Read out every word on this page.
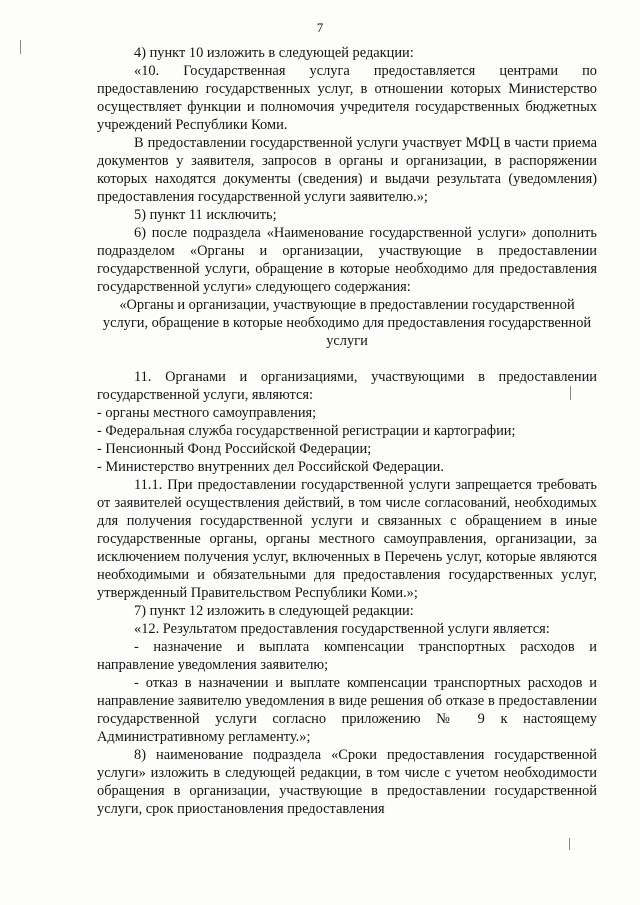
7

4) пункт 10 изложить в следующей редакции:

«10. Государственная услуга предоставляется центрами по предоставлению государственных услуг, в отношении которых Министерство осуществляет функции и полномочия учредителя государственных бюджетных учреждений Республики Коми.

В предоставлении государственной услуги участвует МФЦ в части приема документов у заявителя, запросов в органы и организации, в распоряжении которых находятся документы (сведения) и выдачи результата (уведомления) предоставления государственной услуги заявителю.»;

5) пункт 11 исключить;

6) после подраздела «Наименование государственной услуги» дополнить подразделом «Органы и организации, участвующие в предоставлении государственной услуги, обращение в которые необходимо для предоставления государственной услуги» следующего содержания:

«Органы и организации, участвующие в предоставлении государственной услуги, обращение в которые необходимо для предоставления государственной услуги

11. Органами и организациями, участвующими в предоставлении государственной услуги, являются:

- органы местного самоуправления;

- Федеральная служба государственной регистрации и картографии;

- Пенсионный Фонд Российской Федерации;

- Министерство внутренних дел Российской Федерации.

11.1. При предоставлении государственной услуги запрещается требовать от заявителей осуществления действий, в том числе согласований, необходимых для получения государственной услуги и связанных с обращением в иные государственные органы, органы местного самоуправления, организации, за исключением получения услуг, включенных в Перечень услуг, которые являются необходимыми и обязательными для предоставления государственных услуг, утвержденный Правительством Республики Коми.»;

7) пункт 12 изложить в следующей редакции:

«12. Результатом предоставления государственной услуги является:

- назначение и выплата компенсации транспортных расходов и направление уведомления заявителю;

- отказ в назначении и выплате компенсации транспортных расходов и направление заявителю уведомления в виде решения об отказе в предоставлении государственной услуги согласно приложению № 9 к настоящему Административному регламенту.»;

8) наименование подраздела «Сроки предоставления государственной услуги» изложить в следующей редакции, в том числе с учетом необходимости обращения в организации, участвующие в предоставлении государственной услуги, срок приостановления предоставления
